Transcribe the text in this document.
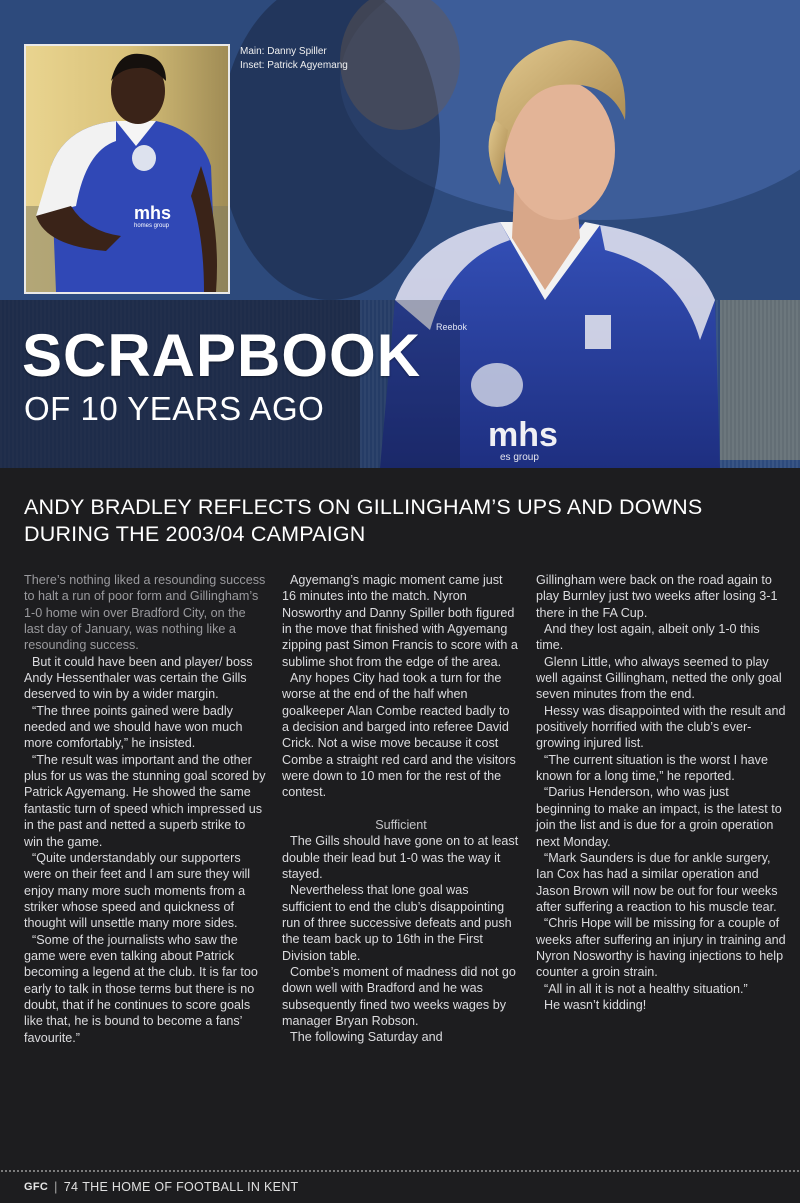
mhs
homes group
mhs
es group
Reebok
Main: Danny Spiller
Inset: Patrick Agyemang
SCRAPBOOK
OF 10 YEARS AGO
ANDY BRADLEY REFLECTS ON GILLINGHAM’S UPS AND DOWNS DURING THE 2003/04 CAMPAIGN

There’s nothing liked a resounding success to halt a run of poor form and Gillingham’s 1-0 home win over Bradford City, on the last day of January, was nothing like a resounding success.

But it could have been and player/ boss Andy Hessenthaler was certain the Gills deserved to win by a wider margin.

“The three points gained were badly needed and we should have won much more comfortably,” he insisted.

“The result was important and the other plus for us was the stunning goal scored by Patrick Agyemang. He showed the same fantastic turn of speed which impressed us in the past and netted a superb strike to win the game.

“Quite understandably our supporters were on their feet and I am sure they will enjoy many more such moments from a striker whose speed and quickness of thought will unsettle many more sides.

“Some of the journalists who saw the game were even talking about Patrick becoming a legend at the club. It is far too early to talk in those terms but there is no doubt, that if he continues to score goals like that, he is bound to become a fans’ favourite.”

Agyemang’s magic moment came just 16 minutes into the match. Nyron Nosworthy and Danny Spiller both figured in the move that finished with Agyemang zipping past Simon Francis to score with a sublime shot from the edge of the area.

Any hopes City had took a turn for the worse at the end of the half when goalkeeper Alan Combe reacted badly to a decision and barged into referee David Crick. Not a wise move because it cost Combe a straight red card and the visitors were down to 10 men for the rest of the contest.

Sufficient

The Gills should have gone on to at least double their lead but 1-0 was the way it stayed.

Nevertheless that lone goal was sufficient to end the club’s disappointing run of three successive defeats and push the team back up to 16th in the First Division table.

Combe’s moment of madness did not go down well with Bradford and he was subsequently fined two weeks wages by manager Bryan Robson.

The following Saturday and

Gillingham were back on the road again to play Burnley just two weeks after losing 3-1 there in the FA Cup.

And they lost again, albeit only 1-0 this time.

Glenn Little, who always seemed to play well against Gillingham, netted the only goal seven minutes from the end.

Hessy was disappointed with the result and positively horrified with the club’s ever-growing injured list.

“The current situation is the worst I have known for a long time,” he reported.

“Darius Henderson, who was just beginning to make an impact, is the latest to join the list and is due for a groin operation next Monday.

“Mark Saunders is due for ankle surgery, Ian Cox has had a similar operation and Jason Brown will now be out for four weeks after suffering a reaction to his muscle tear.

“Chris Hope will be missing for a couple of weeks after suffering an injury in training and Nyron Nosworthy is having injections to help counter a groin strain.

“All in all it is not a healthy situation.”

He wasn’t kidding!

GFC | 74 THE HOME OF FOOTBALL IN KENT
